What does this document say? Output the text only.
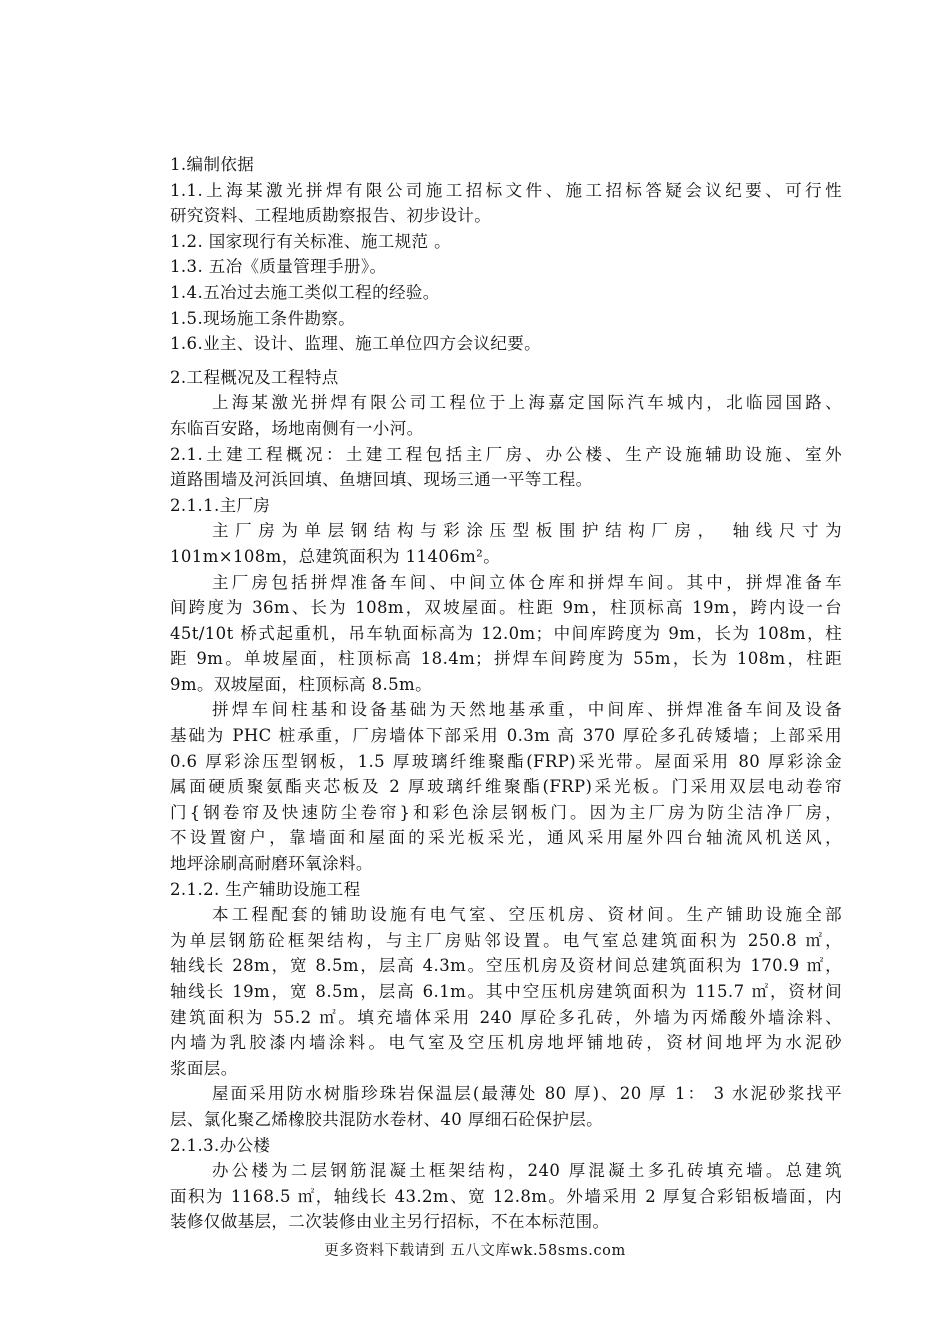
1.编制依据
1.1.上海某激光拼焊有限公司施工招标文件、施工招标答疑会议纪要、可行性
研究资料、工程地质勘察报告、初步设计。
1.2. 国家现行有关标准、施工规范 。
1.3. 五冶《质量管理手册》。
1.4.五冶过去施工类似工程的经验。
1.5.现场施工条件勘察。
1.6.业主、设计、监理、施工单位四方会议纪要。
2.工程概况及工程特点
上海某激光拼焊有限公司工程位于上海嘉定国际汽车城内，北临园国路、
东临百安路，场地南侧有一小河。
2.1.土建工程概况：土建工程包括主厂房、办公楼、生产设施辅助设施、室外
道路围墙及河浜回填、鱼塘回填、现场三通一平等工程。
2.1.1.主厂房
主厂房为单层钢结构与彩涂压型板围护结构厂房， 轴线尺寸为
101m×108m，总建筑面积为 11406m²。
主厂房包括拼焊准备车间、中间立体仓库和拼焊车间。其中，拼焊准备车
间跨度为 36m、长为 108m，双坡屋面。柱距 9m，柱顶标高 19m，跨内设一台
45t/10t 桥式起重机，吊车轨面标高为 12.0m；中间库跨度为 9m，长为 108m，柱
距 9m。单坡屋面，柱顶标高 18.4m；拼焊车间跨度为 55m，长为 108m，柱距
9m。双坡屋面，柱顶标高 8.5m。
拼焊车间柱基和设备基础为天然地基承重，中间库、拼焊准备车间及设备
基础为 PHC 桩承重，厂房墙体下部采用 0.3m 高 370 厚砼多孔砖矮墙；上部采用
0.6 厚彩涂压型钢板，1.5 厚玻璃纤维聚酯(FRP)采光带。屋面采用 80 厚彩涂金
属面硬质聚氨酯夹芯板及 2 厚玻璃纤维聚酯(FRP)采光板。门采用双层电动卷帘
门{钢卷帘及快速防尘卷帘}和彩色涂层钢板门。因为主厂房为防尘洁净厂房，
不设置窗户，靠墙面和屋面的采光板采光，通风采用屋外四台轴流风机送风，
地坪涂刷高耐磨环氧涂料。
2.1.2. 生产辅助设施工程
本工程配套的铺助设施有电气室、空压机房、资材间。生产铺助设施全部
为单层钢筋砼框架结构，与主厂房贴邻设置。电气室总建筑面积为 250.8 ㎡，
轴线长 28m，宽 8.5m，层高 4.3m。空压机房及资材间总建筑面积为 170.9 ㎡，
轴线长 19m，宽 8.5m，层高 6.1m。其中空压机房建筑面积为 115.7 ㎡，资材间
建筑面积为 55.2 ㎡。填充墙体采用 240 厚砼多孔砖，外墙为丙烯酸外墙涂料、
内墙为乳胶漆内墙涂料。电气室及空压机房地坪铺地砖，资材间地坪为水泥砂
浆面层。
屋面采用防水树脂珍珠岩保温层(最薄处 80 厚)、20 厚 1： 3 水泥砂浆找平
层、氯化聚乙烯橡胶共混防水卷材、40 厚细石砼保护层。
2.1.3.办公楼
办公楼为二层钢筋混凝土框架结构，240 厚混凝土多孔砖填充墙。总建筑
面积为 1168.5 ㎡，轴线长 43.2m、宽 12.8m。外墙采用 2 厚复合彩铝板墙面，内
装修仅做基层，二次装修由业主另行招标，不在本标范围。
更多资料下载请到 五八文库wk.58sms.com
